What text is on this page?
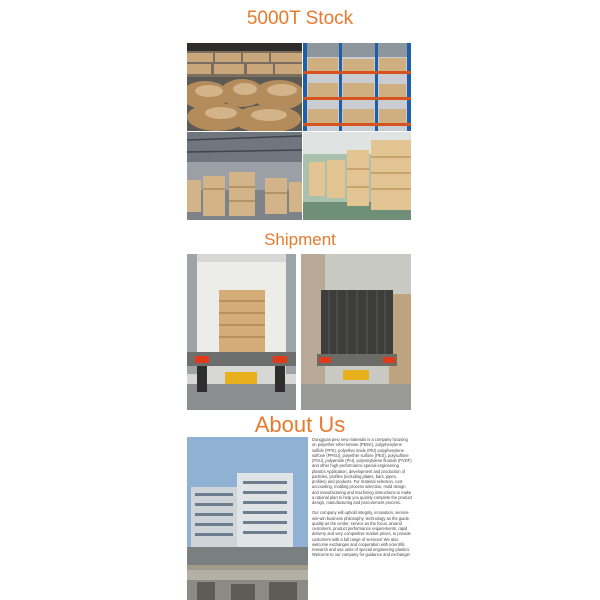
5000T Stock
Shipment
About Us

Dongguan peio new materials is a company focusing on polyether ether ketone (PEEK), polyphenylene sulfide (PPS), polyether imide (PEI) polyphenylene sulfone (PPSU), polyether sulfone (PES), polysulfone (PSU), polyamide (PAI), polyvinylidene fluoride (PVDF) and other high-performance special engineering plastics Application, development and production of particles, profiles (including plates, bars, pipes, profiles) and products. For material selection, cost accounting, molding process selection, mold design and manufacturing and machining instructions to make a rational plan to help you quickly complete the product design, manufacturing and procurement process.

Our company will uphold integrity, innovation, service-win-win business philosophy, technology as the guide, quality as the center, service as the focus, around customers, product performance requirements, rapid delivery and very competitive market prices, to provide customers with a full range of services! We also welcome exchanges and cooperation with scientific research and use units of special engineering plastics. Welcome to our company for guidance and exchange!
